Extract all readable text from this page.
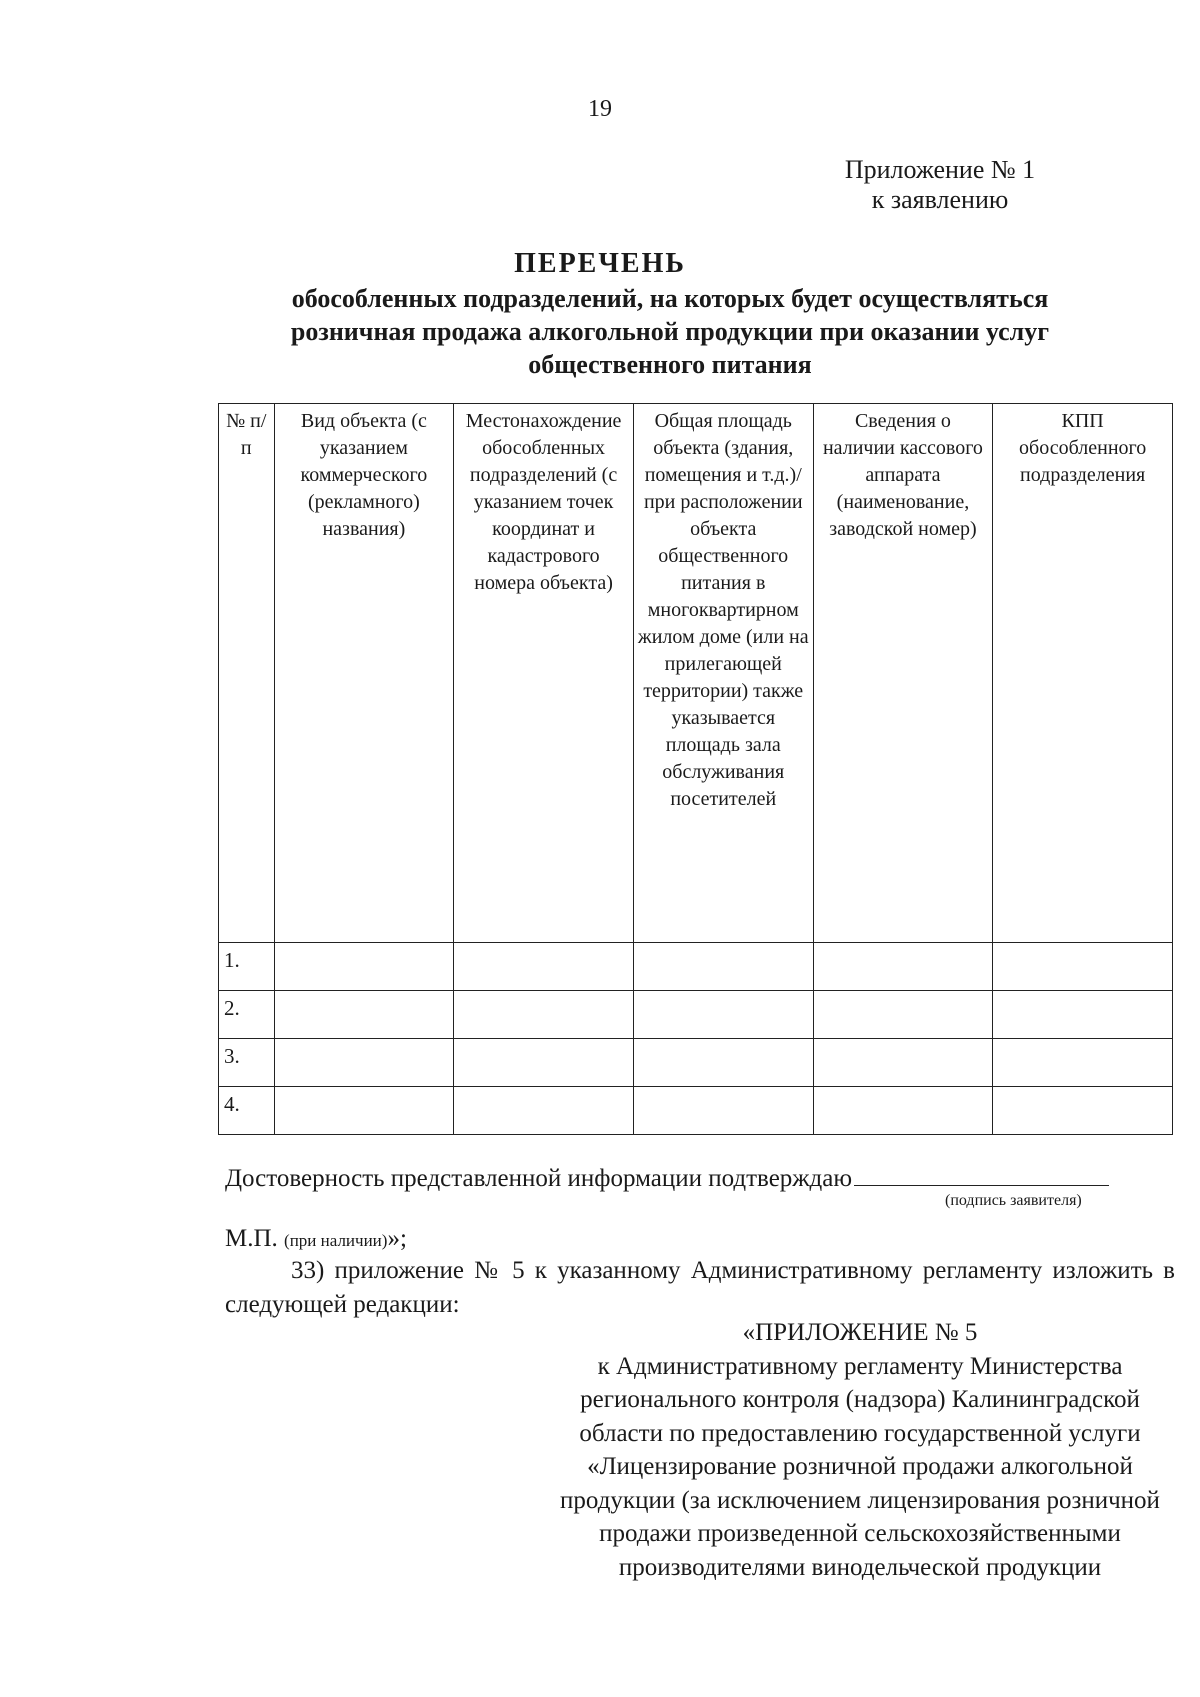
19
Приложение № 1
к заявлению
ПЕРЕЧЕНЬ
обособленных подразделений, на которых будет осуществляться розничная продажа алкогольной продукции при оказании услуг общественного питания
№ п/п	Вид объекта (с указанием коммерческого (рекламного) названия)	Местонахождение обособленных подразделений (с указанием точек координат и кадастрового номера объекта)	Общая площадь объекта (здания, помещения и т.д.)/при расположении объекта общественного питания в многоквартирном жилом доме (или на прилегающей территории) также указывается площадь зала обслуживания посетителей	Сведения о наличии кассового аппарата (наименование, заводской номер)	КПП обособленного подразделения
1.					
2.					
3.					
4.					
Достоверность представленной информации подтверждаю
(подпись заявителя)
М.П. (при наличии)»;
33) приложение № 5 к указанному Административному регламенту изложить в следующей редакции:
«ПРИЛОЖЕНИЕ № 5
к Административному регламенту Министерства регионального контроля (надзора) Калининградской области по предоставлению государственной услуги «Лицензирование розничной продажи алкогольной продукции (за исключением лицензирования розничной продажи произведенной сельскохозяйственными производителями винодельческой продукции
